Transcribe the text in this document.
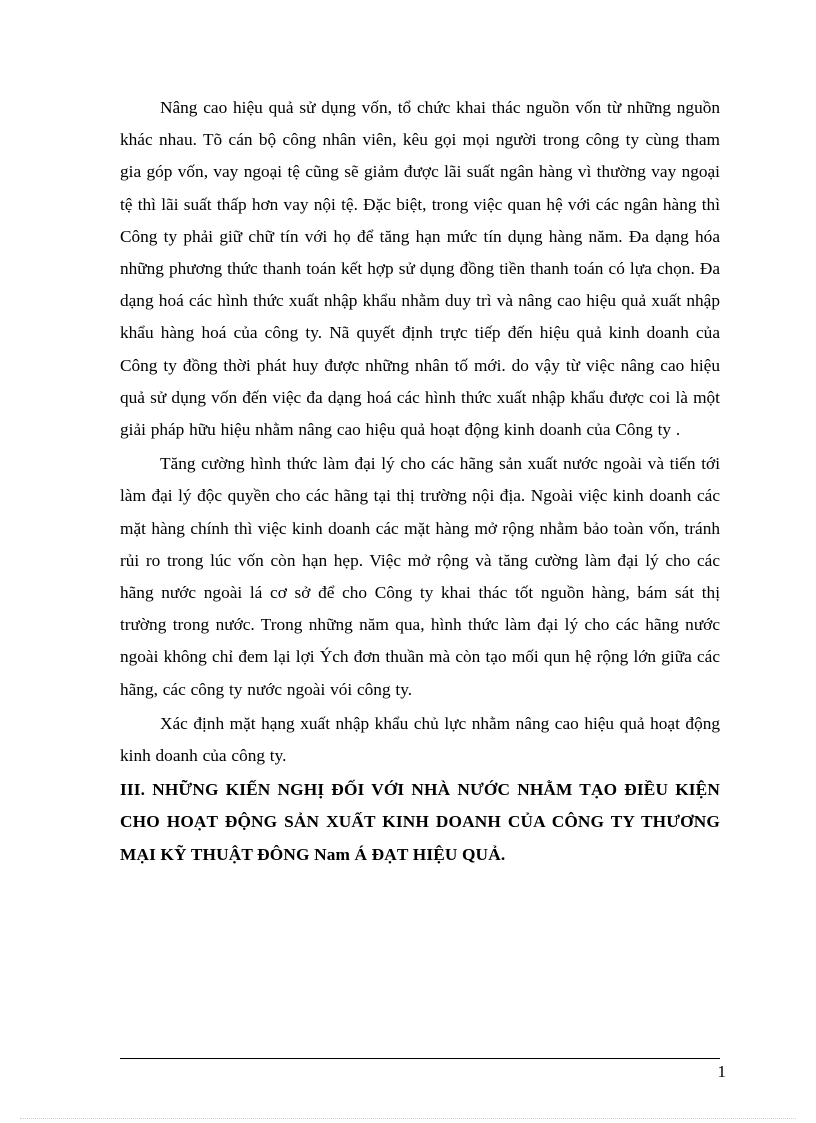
Nâng cao hiệu quả sử dụng vốn, tổ chức khai thác nguồn vốn từ những nguồn khác nhau. Tõ cán bộ công nhân viên, kêu gọi mọi người trong công ty cùng tham gia góp vốn, vay ngoại tệ cũng sẽ giảm được lãi suất ngân hàng vì thường vay ngoại tệ thì lãi suất thấp hơn vay nội tệ. Đặc biệt, trong việc quan hệ với các ngân hàng thì Công ty phải giữ chữ tín với họ để tăng hạn mức tín dụng hàng năm. Đa dạng hóa những phương thức thanh toán kết hợp sử dụng đồng tiền thanh toán có lựa chọn. Đa dạng hoá các hình thức xuất nhập khẩu nhằm duy trì và nâng cao hiệu quả xuất nhập khẩu hàng hoá của công ty. Nã quyết định trực tiếp đến hiệu quả kinh doanh của Công ty đồng thời phát huy được những nhân tố mới. do vậy từ việc nâng cao hiệu quả sử dụng vốn đến việc đa dạng hoá các hình thức xuất nhập khẩu được coi là một giải pháp hữu hiệu nhằm nâng cao hiệu quả hoạt động kinh doanh của Công ty .

Tăng cường hình thức làm đại lý cho các hãng sản xuất nước ngoài và tiến tới làm đại lý độc quyền cho các hãng tại thị trường nội địa. Ngoài việc kinh doanh các mặt hàng chính thì việc kinh doanh các mặt hàng mở rộng nhằm bảo toàn vốn, tránh rủi ro trong lúc vốn còn hạn hẹp. Việc mở rộng và tăng cường làm đại lý cho các hãng nước ngoài lá cơ sở để cho Công ty khai thác tốt nguồn hàng, bám sát thị trường trong nước. Trong những năm qua, hình thức làm đại lý cho các hãng nước ngoài không chỉ đem lại lợi Ých đơn thuần mà còn tạo mối qun hệ rộng lớn giữa các hãng, các công ty nước ngoài vói công ty.

Xác định mặt hạng xuất nhập khẩu chủ lực nhằm nâng cao hiệu quả hoạt động kinh doanh của công ty.

III. NHỮNG KIẾN NGHỊ ĐỐI VỚI NHÀ NƯỚC NHẰM TẠO ĐIỀU KIỆN CHO HOẠT ĐỘNG SẢN XUẤT KINH DOANH CỦA CÔNG TY THƯƠNG MẠI KỸ THUẬT ĐÔNG Nam Á ĐẠT HIỆU QUẢ.

1
